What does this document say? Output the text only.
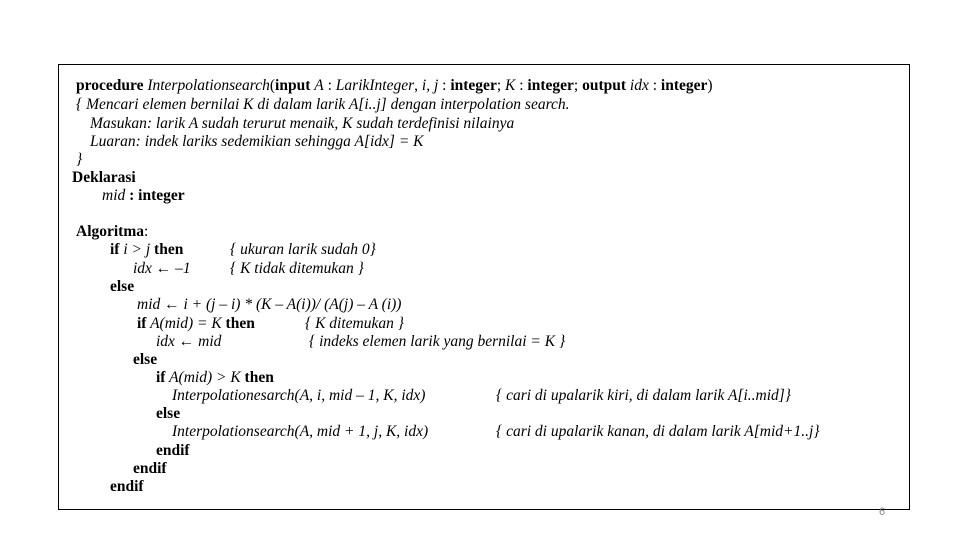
procedure Interpolationsearch(input A : LarikInteger, i, j : integer; K : integer; output idx : integer)
{ Mencari elemen bernilai K di dalam larik A[i..j] dengan interpolation search.
Masukan: larik A sudah terurut menaik, K sudah terdefinisi nilainya
Luaran: indek lariks sedemikian sehingga A[idx] = K
}
Deklarasi
mid : integer
Algoritma:
if i > j then	{ ukuran larik sudah 0}
idx ← –1	{ K tidak ditemukan }
else
mid ← i + (j – i) * (K – A(i))/ (A(j) – A (i))
if A(mid) = K then	{ K ditemukan }
idx ← mid	{ indeks elemen larik yang bernilai = K }
else
if A(mid) > K then
Interpolationesarch(A, i, mid – 1, K, idx)	{ cari di upalarik kiri, di dalam larik A[i..mid]}
else
Interpolationsearch(A, mid + 1, j, K, idx)	{ cari di upalarik kanan, di dalam larik A[mid+1..j}
endif
endif
endif
6
